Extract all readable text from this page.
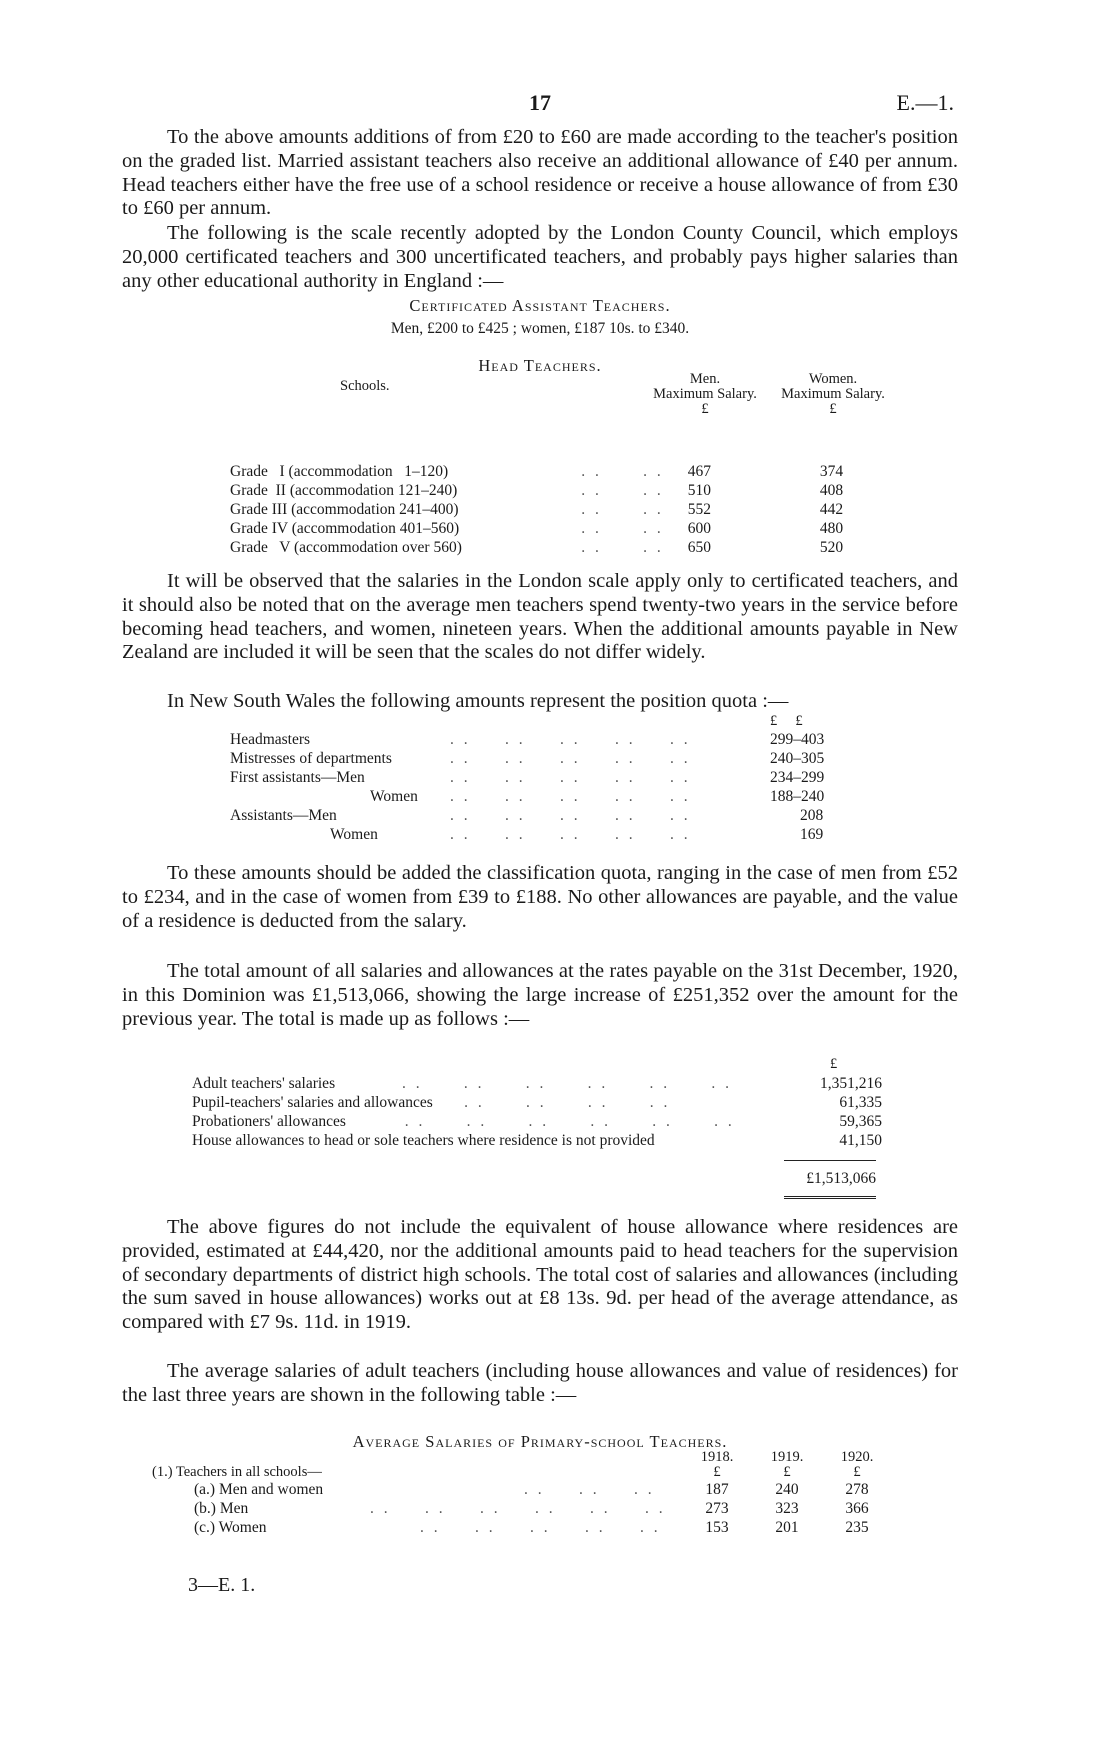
17	E.—1.

To the above amounts additions of from £20 to £60 are made according to the teacher's position on the graded list. Married assistant teachers also receive an additional allowance of £40 per annum. Head teachers either have the free use of a school residence or receive a house allowance of from £30 to £60 per annum.

The following is the scale recently adopted by the London County Council, which employs 20,000 certificated teachers and 300 uncertificated teachers, and probably pays higher salaries than any other educational authority in England :—

Certificated Assistant Teachers.

Men, £200 to £425 ; women, £187 10s. to £340.

Head Teachers.

Schools.	Men.
Maximum Salary.
£
Women.
Maximum Salary.
£
Grade   I (accommodation   1–120)	. .      . .	467	374
Grade  II (accommodation 121–240)	. .      . .	510	408
Grade III (accommodation 241–400)	. .      . .	552	442
Grade IV (accommodation 401–560)	. .      . .	600	480
Grade   V (accommodation over 560)	. .      . .	650	520

It will be observed that the salaries in the London scale apply only to certificated teachers, and it should also be noted that on the average men teachers spend twenty-two years in the service before becoming head teachers, and women, nineteen years. When the additional amounts payable in New Zealand are included it will be seen that the scales do not differ widely.

In New South Wales the following amounts represent the position quota :—

£     £
Headmasters	. .     . .     . .     . .     . .	299–403
Mistresses of departments	. .     . .     . .     . .     . .	240–305
First assistants—Men	. .     . .     . .     . .     . .	234–299
Women	. .     . .     . .     . .     . .	188–240
Assistants—Men	. .     . .     . .     . .     . .	208
Women	. .     . .     . .     . .     . .	169

To these amounts should be added the classification quota, ranging in the case of men from £52 to £234, and in the case of women from £39 to £188. No other allowances are payable, and the value of a residence is deducted from the salary.

The total amount of all salaries and allowances at the rates payable on the 31st December, 1920, in this Dominion was £1,513,066, showing the large increase of £251,352 over the amount for the previous year. The total is made up as follows :—

£
Adult teachers' salaries	. .      . .      . .      . .      . .      . .	1,351,216
Pupil-teachers' salaries and allowances     . .      . .      . .      . .		61,335
Probationers' allowances         . .      . .      . .      . .      . .      . .		59,365
House allowances to head or sole teachers where residence is not provided		41,150
£1,513,066

The above figures do not include the equivalent of house allowance where residences are provided, estimated at £44,420, nor the additional amounts paid to head teachers for the supervision of secondary departments of district high schools. The total cost of salaries and allowances (including the sum saved in house allowances) works out at £8 13s. 9d. per head of the average attendance, as compared with £7 9s. 11d. in 1919.

The average salaries of adult teachers (including house allowances and value of residences) for the last three years are shown in the following table :—

Average Salaries of Primary-school Teachers.

	1918.	1919.	1920.
(1.) Teachers in all schools—	£	£	£
(a.) Men and women . .     . .     . .	187	240	278
(b.) Men . .     . .     . .     . .     . .     . .	273	323	366
(c.) Women . .     . .     . .     . .     . .	153	201	235
3—E. 1.
